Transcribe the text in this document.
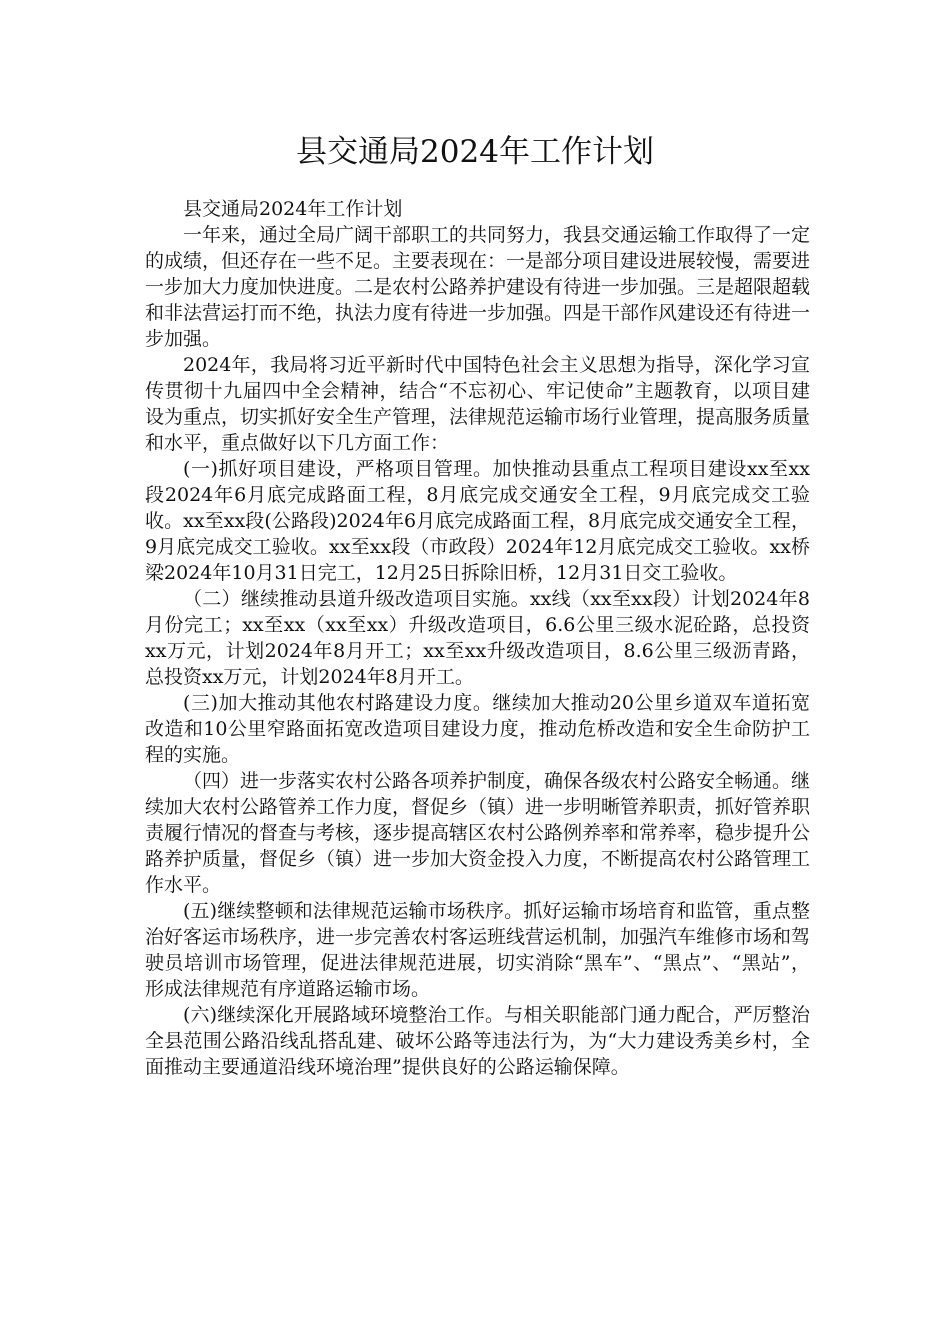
县交通局2024年工作计划

县交通局2024年工作计划

一年来，通过全局广阔干部职工的共同努力，我县交通运输工作取得了一定的成绩，但还存在一些不足。主要表现在：一是部分项目建设进展较慢，需要进一步加大力度加快进度。二是农村公路养护建设有待进一步加强。三是超限超载和非法营运打而不绝，执法力度有待进一步加强。四是干部作风建设还有待进一步加强。

2024年，我局将习近平新时代中国特色社会主义思想为指导，深化学习宣传贯彻十九届四中全会精神，结合“不忘初心、牢记使命”主题教育，以项目建设为重点，切实抓好安全生产管理，法律规范运输市场行业管理，提高服务质量和水平，重点做好以下几方面工作：

(一)抓好项目建设，严格项目管理。加快推动县重点工程项目建设xx至xx段2024年6月底完成路面工程，8月底完成交通安全工程，9月底完成交工验收。xx至xx段(公路段)2024年6月底完成路面工程，8月底完成交通安全工程，9月底完成交工验收。xx至xx段（市政段）2024年12月底完成交工验收。xx桥梁2024年10月31日完工，12月25日拆除旧桥，12月31日交工验收。

（二）继续推动县道升级改造项目实施。xx线（xx至xx段）计划2024年8月份完工；xx至xx（xx至xx）升级改造项目，6.6公里三级水泥砼路，总投资xx万元，计划2024年8月开工；xx至xx升级改造项目，8.6公里三级沥青路，总投资xx万元，计划2024年8月开工。

(三)加大推动其他农村路建设力度。继续加大推动20公里乡道双车道拓宽改造和10公里窄路面拓宽改造项目建设力度，推动危桥改造和安全生命防护工程的实施。

（四）进一步落实农村公路各项养护制度，确保各级农村公路安全畅通。继续加大农村公路管养工作力度，督促乡（镇）进一步明晰管养职责，抓好管养职责履行情况的督查与考核，逐步提高辖区农村公路例养率和常养率，稳步提升公路养护质量，督促乡（镇）进一步加大资金投入力度，不断提高农村公路管理工作水平。

(五)继续整顿和法律规范运输市场秩序。抓好运输市场培育和监管，重点整治好客运市场秩序，进一步完善农村客运班线营运机制，加强汽车维修市场和驾驶员培训市场管理，促进法律规范进展，切实消除“黑车”、“黑点”、“黑站”，形成法律规范有序道路运输市场。

(六)继续深化开展路域环境整治工作。与相关职能部门通力配合，严厉整治全县范围公路沿线乱搭乱建、破坏公路等违法行为，为“大力建设秀美乡村，全面推动主要通道沿线环境治理”提供良好的公路运输保障。
